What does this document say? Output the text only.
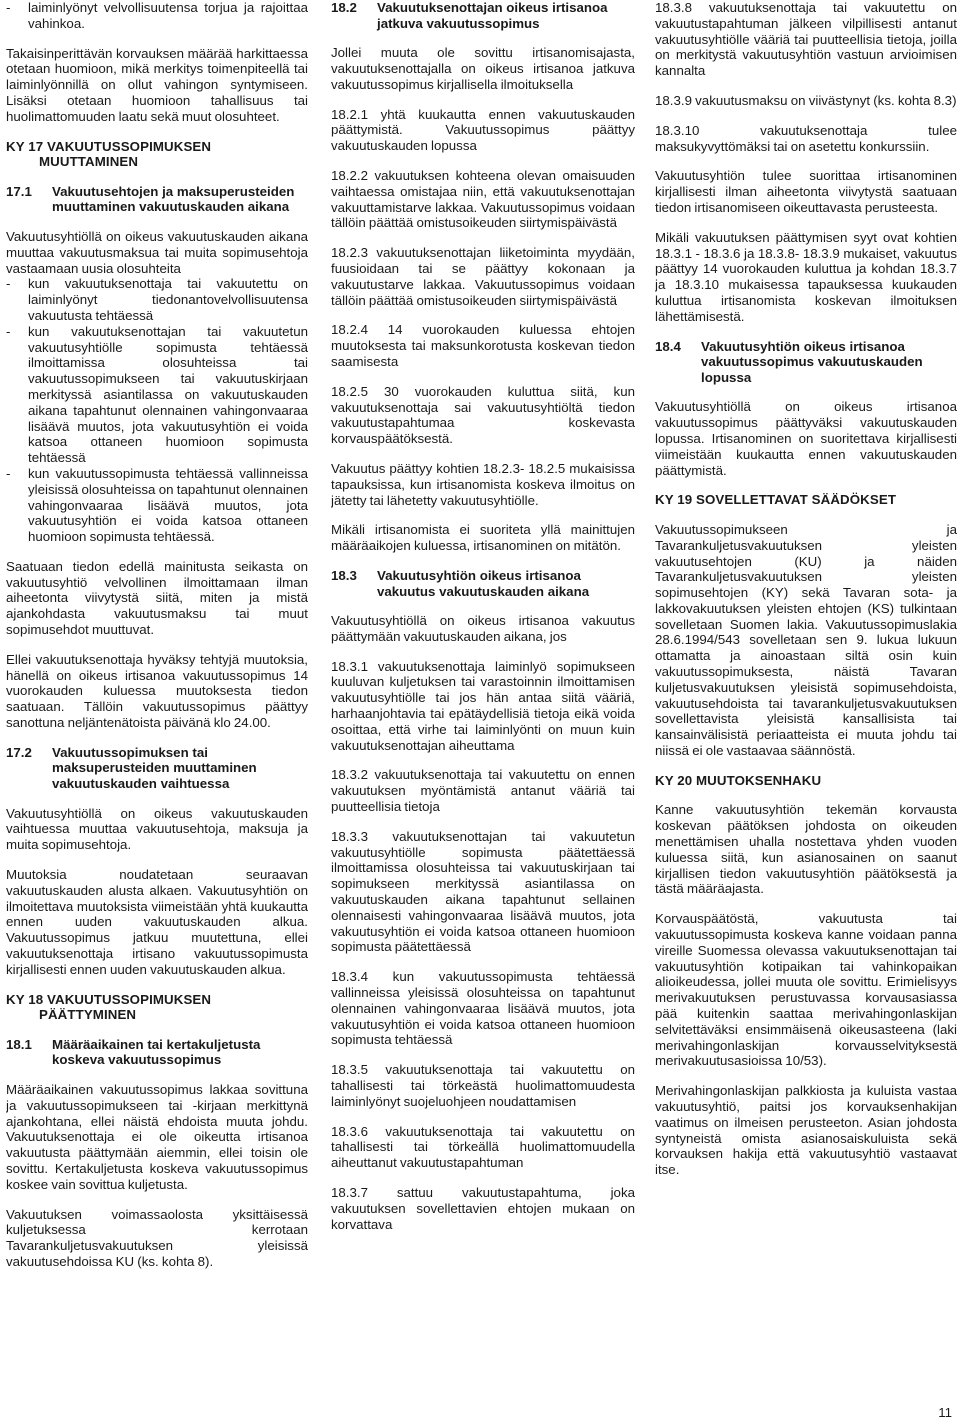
- laiminlyönyt velvollisuutensa torjua ja rajoittaa vahinkoa.

Takaisinperittävän korvauksen määrää harkittaessa otetaan huomioon, mikä merkitys toimenpiteellä tai laiminlyönnillä on ollut vahingon syntymiseen. Lisäksi otetaan huomioon tahallisuus tai huolimattomuuden laatu sekä muut olosuhteet.

KY 17 VAKUUTUSSOPIMUKSEN MUUTTAMINEN
17.1 Vakuutusehtojen ja maksuperusteiden muuttaminen vakuutuskauden aikana

Vakuutusyhtiöllä on oikeus vakuutuskauden aikana muuttaa vakuutusmaksua tai muita sopimusehtoja vastaamaan uusia olosuhteita

- kun vakuutuksenottaja tai vakuutettu on laiminlyönyt tiedonantovelvollisuutensa vakuutusta tehtäessä
- kun vakuutuksenottajan tai vakuutetun vakuutusyhtiölle sopimusta tehtäessä ilmoittamissa olosuhteissa tai vakuutussopimukseen tai vakuutuskirjaan merkityssä asiantilassa on vakuutuskauden aikana tapahtunut olennainen vahingonvaaraa lisäävä muutos, jota vakuutusyhtiön ei voida katsoa ottaneen huomioon sopimusta tehtäessä
- kun vakuutussopimusta tehtäessä vallinneissa yleisissä olosuhteissa on tapahtunut olennainen vahingonvaaraa lisäävä muutos, jota vakuutusyhtiön ei voida katsoa ottaneen huomioon sopimusta tehtäessä.

Saatuaan tiedon edellä mainitusta seikasta on vakuutusyhtiö velvollinen ilmoittamaan ilman aiheetonta viivytystä siitä, miten ja mistä ajankohdasta vakuutusmaksu tai muut sopimusehdot muuttuvat.

Ellei vakuutuksenottaja hyväksy tehtyjä muutoksia, hänellä on oikeus irtisanoa vakuutussopimus 14 vuorokauden kuluessa muutoksesta tiedon saatuaan. Tällöin vakuutussopimus päättyy sanottuna neljäntenätoista päivänä klo 24.00.

17.2 Vakuutussopimuksen tai maksuperusteiden muuttaminen vakuutuskauden vaihtuessa

Vakuutusyhtiöllä on oikeus vakuutuskauden vaihtuessa muuttaa vakuutusehtoja, maksuja ja muita sopimusehtoja.

Muutoksia noudatetaan seuraavan vakuutuskauden alusta alkaen. Vakuutusyhtiön on ilmoitettava muutoksista viimeistään yhtä kuukautta ennen uuden vakuutuskauden alkua. Vakuutussopimus jatkuu muutettuna, ellei vakuutuksenottaja irtisano vakuutussopimusta kirjallisesti ennen uuden vakuutuskauden alkua.

KY 18 VAKUUTUSSOPIMUKSEN PÄÄTTYMINEN
18.1 Määräaikainen tai kertakuljetusta koskeva vakuutussopimus

Määräaikainen vakuutussopimus lakkaa sovittuna ja vakuutussopimukseen tai -kirjaan merkittynä ajankohtana, ellei näistä ehdoista muuta johdu. Vakuutuksenottaja ei ole oikeutta irtisanoa vakuutusta päättymään aiemmin, ellei toisin ole sovittu. Kertakuljetusta koskeva vakuutussopimus koskee vain sovittua kuljetusta.

Vakuutuksen voimassaolosta yksittäisessä kuljetuksessa kerrotaan Tavarankuljetusvakuutuksen yleisissä vakuutusehdoissa KU (ks. kohta 8).

18.2 Vakuutuksenottajan oikeus irtisanoa jatkuva vakuutussopimus

Jollei muuta ole sovittu irtisanomisajasta, vakuutuksenottajalla on oikeus irtisanoa jatkuva vakuutussopimus kirjallisella ilmoituksella

18.2.1 yhtä kuukautta ennen vakuutuskauden päättymistä. Vakuutussopimus päättyy vakuutuskauden lopussa

18.2.2 vakuutuksen kohteena olevan omaisuuden vaihtaessa omistajaa niin, että vakuutuksenottajan vakuuttamistarve lakkaa. Vakuutussopimus voidaan tällöin päättää omistusoikeuden siirtymispäivästä

18.2.3 vakuutuksenottajan liiketoiminta myydään, fuusioidaan tai se päättyy kokonaan ja vakuutustarve lakkaa. Vakuutussopimus voidaan tällöin päättää omistusoikeuden siirtymispäivästä

18.2.4 14 vuorokauden kuluessa ehtojen muutoksesta tai maksunkorotusta koskevan tiedon saamisesta

18.2.5 30 vuorokauden kuluttua siitä, kun vakuutuksenottaja sai vakuutusyhtiöltä tiedon vakuutustapahtumaa koskevasta korvauspäätöksestä.

Vakuutus päättyy kohtien 18.2.3- 18.2.5 mukaisissa tapauksissa, kun irtisanomista koskeva ilmoitus on jätetty tai lähetetty vakuutusyhtiölle.

Mikäli irtisanomista ei suoriteta yllä mainittujen määräaikojen kuluessa, irtisanominen on mitätön.

18.3 Vakuutusyhtiön oikeus irtisanoa vakuutus vakuutuskauden aikana

Vakuutusyhtiöllä on oikeus irtisanoa vakuutus päättymään vakuutuskauden aikana, jos

18.3.1 vakuutuksenottaja laiminlyö sopimukseen kuuluvan kuljetuksen tai varastoinnin ilmoittamisen vakuutusyhtiölle tai jos hän antaa siitä vääriä, harhaanjohtavia tai epätäydellisiä tietoja eikä voida osoittaa, että virhe tai laiminlyönti on muun kuin vakuutuksenottajan aiheuttama

18.3.2 vakuutuksenottaja tai vakuutettu on ennen vakuutuksen myöntämistä antanut vääriä tai puutteellisia tietoja

18.3.3 vakuutuksenottajan tai vakuutetun vakuutusyhtiölle sopimusta päätettäessä ilmoittamissa olosuhteissa tai vakuutuskirjaan tai sopimukseen merkityssä asiantilassa on vakuutuskauden aikana tapahtunut sellainen olennaisesti vahingonvaaraa lisäävä muutos, jota vakuutusyhtiön ei voida katsoa ottaneen huomioon sopimusta päätettäessä

18.3.4 kun vakuutussopimusta tehtäessä vallinneissa yleisissä olosuhteissa on tapahtunut olennainen vahingonvaaraa lisäävä muutos, jota vakuutusyhtiön ei voida katsoa ottaneen huomioon sopimusta tehtäessä

18.3.5 vakuutuksenottaja tai vakuutettu on tahallisesti tai törkeästä huolimattomuudesta laiminlyönyt suojeluohjeen noudattamisen

18.3.6 vakuutuksenottaja tai vakuutettu on tahallisesti tai törkeällä huolimattomuudella aiheuttanut vakuutustapahtuman

18.3.7 sattuu vakuutustapahtuma, joka vakuutuksen sovellettavien ehtojen mukaan on korvattava

18.3.8 vakuutuksenottaja tai vakuutettu on vakuutustapahtuman jälkeen vilpillisesti antanut vakuutusyhtiölle vääriä tai puutteellisia tietoja, joilla on merkitystä vakuutusyhtiön vastuun arvioimisen kannalta

18.3.9 vakuutusmaksu on viivästynyt (ks. kohta 8.3)

18.3.10 vakuutuksenottaja tulee maksukyvyttömäksi tai on asetettu konkurssiin.

Vakuutusyhtiön tulee suorittaa irtisanominen kirjallisesti ilman aiheetonta viivytystä saatuaan tiedon irtisanomiseen oikeuttavasta perusteesta.

Mikäli vakuutuksen päättymisen syyt ovat kohtien 18.3.1 - 18.3.6 ja 18.3.8- 18.3.9 mukaiset, vakuutus päättyy 14 vuorokauden kuluttua ja kohdan 18.3.7 ja 18.3.10 mukaisessa tapauksessa kuukauden kuluttua irtisanomista koskevan ilmoituksen lähettämisestä.

18.4 Vakuutusyhtiön oikeus irtisanoa vakuutussopimus vakuutuskauden lopussa

Vakuutusyhtiöllä on oikeus irtisanoa vakuutussopimus päättyväksi vakuutuskauden lopussa. Irtisanominen on suoritettava kirjallisesti viimeistään kuukautta ennen vakuutuskauden päättymistä.

KY 19 SOVELLETTAVAT SÄÄDÖKSET

Vakuutussopimukseen ja Tavarankuljetusvakuutuksen yleisten vakuutusehtojen (KU) ja näiden Tavarankuljetusvakuutuksen yleisten sopimusehtojen (KY) sekä Tavaran sota- ja lakkovakuutuksen yleisten ehtojen (KS) tulkintaan sovelletaan Suomen lakia. Vakuutussopimuslakia 28.6.1994/543 sovelletaan sen 9. lukua lukuun ottamatta ja ainoastaan siltä osin kuin vakuutussopimuksesta, näistä Tavaran kuljetusvakuutuksen yleisistä sopimusehdoista, vakuutusehdoista tai tavarankuljetusvakuutuksen sovellettavista yleisistä kansallisista tai kansainvälisistä periaatteista ei muuta johdu tai niissä ei ole vastaavaa säännöstä.

KY 20 MUUTOKSENHAKU

Kanne vakuutusyhtiön tekemän korvausta koskevan päätöksen johdosta on oikeuden menettämisen uhalla nostettava yhden vuoden kuluessa siitä, kun asianosainen on saanut kirjallisen tiedon vakuutusyhtiön päätöksestä ja tästä määräajasta.

Korvauspäätöstä, vakuutusta tai vakuutussopimusta koskeva kanne voidaan panna vireille Suomessa olevassa vakuutuksenottajan tai vakuutusyhtiön kotipaikan tai vahinkopaikan alioikeudessa, jollei muuta ole sovittu. Erimielisyys merivakuutuksen perustuvassa korvausasiassa pää kuitenkin saattaa merivahingonlaskijan selvitettäväksi ensimmäisenä oikeusasteena (laki merivahingonlaskijan korvausselvityksestä merivakuutusasioissa 10/53).

Merivahingonlaskijan palkkiosta ja kuluista vastaa vakuutusyhtiö, paitsi jos korvauksenhakijan vaatimus on ilmeisen perusteeton. Asian johdosta syntyneistä omista asianosaiskuluista sekä korvauksen hakija että vakuutusyhtiö vastaavat itse.

11
